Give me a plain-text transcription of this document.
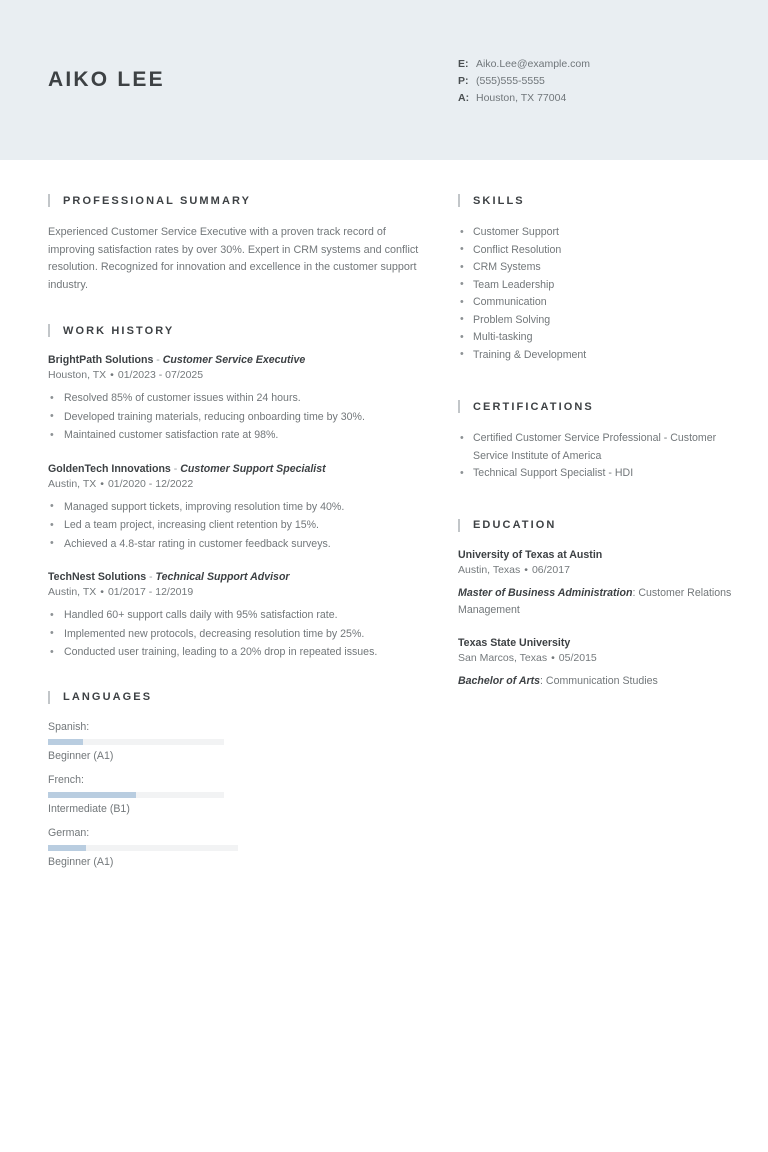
AIKO LEE
E: Aiko.Lee@example.com
P: (555)555-5555
A: Houston, TX 77004
PROFESSIONAL SUMMARY
Experienced Customer Service Executive with a proven track record of improving satisfaction rates by over 30%. Expert in CRM systems and conflict resolution. Recognized for innovation and excellence in the customer support industry.
WORK HISTORY
BrightPath Solutions - Customer Service Executive
Houston, TX • 01/2023 - 07/2025
• Resolved 85% of customer issues within 24 hours.
• Developed training materials, reducing onboarding time by 30%.
• Maintained customer satisfaction rate at 98%.
GoldenTech Innovations - Customer Support Specialist
Austin, TX • 01/2020 - 12/2022
• Managed support tickets, improving resolution time by 40%.
• Led a team project, increasing client retention by 15%.
• Achieved a 4.8-star rating in customer feedback surveys.
TechNest Solutions - Technical Support Advisor
Austin, TX • 01/2017 - 12/2019
• Handled 60+ support calls daily with 95% satisfaction rate.
• Implemented new protocols, decreasing resolution time by 25%.
• Conducted user training, leading to a 20% drop in repeated issues.
LANGUAGES
Spanish:
Beginner (A1)
French:
Intermediate (B1)
German:
Beginner (A1)
SKILLS
• Customer Support
• Conflict Resolution
• CRM Systems
• Team Leadership
• Communication
• Problem Solving
• Multi-tasking
• Training & Development
CERTIFICATIONS
• Certified Customer Service Professional - Customer Service Institute of America
• Technical Support Specialist - HDI
EDUCATION
University of Texas at Austin
Austin, Texas • 06/2017
Master of Business Administration: Customer Relations Management
Texas State University
San Marcos, Texas • 05/2015
Bachelor of Arts: Communication Studies
